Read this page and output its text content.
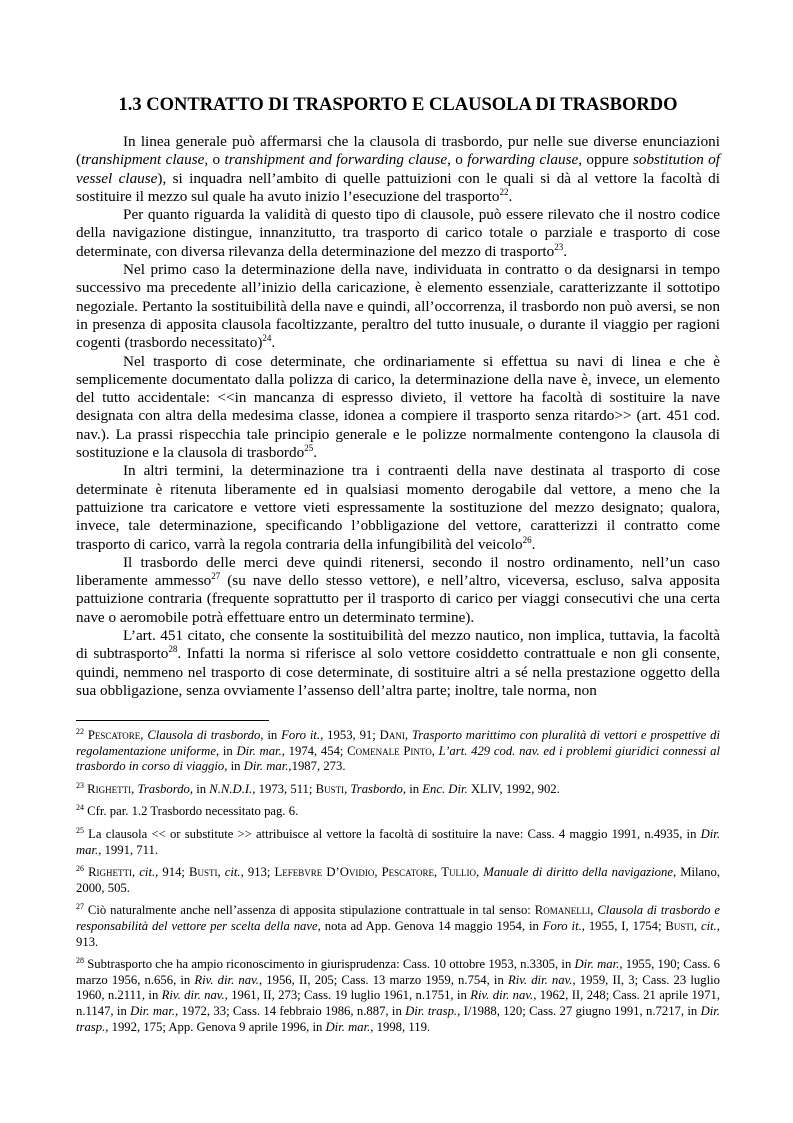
1.3 CONTRATTO DI TRASPORTO E CLAUSOLA DI TRASBORDO

In linea generale può affermarsi che la clausola di trasbordo, pur nelle sue diverse enunciazioni (transhipment clause, o transhipment and forwarding clause, o forwarding clause, oppure sobstitution of vessel clause), si inquadra nell’ambito di quelle pattuizioni con le quali si dà al vettore la facoltà di sostituire il mezzo sul quale ha avuto inizio l’esecuzione del trasporto$^{22}$.

Per quanto riguarda la validità di questo tipo di clausole, può essere rilevato che il nostro codice della navigazione distingue, innanzitutto, tra trasporto di carico totale o parziale e trasporto di cose determinate, con diversa rilevanza della determinazione del mezzo di trasporto$^{23}$.

Nel primo caso la determinazione della nave, individuata in contratto o da designarsi in tempo successivo ma precedente all’inizio della caricazione, è elemento essenziale, caratterizzante il sottotipo negoziale. Pertanto la sostituibilità della nave e quindi, all’occorrenza, il trasbordo non può aversi, se non in presenza di apposita clausola facoltizzante, peraltro del tutto inusuale, o durante il viaggio per ragioni cogenti (trasbordo necessitato)$^{24}$.

Nel trasporto di cose determinate, che ordinariamente si effettua su navi di linea e che è semplicemente documentato dalla polizza di carico, la determinazione della nave è, invece, un elemento del tutto accidentale: <<in mancanza di espresso divieto, il vettore ha facoltà di sostituire la nave designata con altra della medesima classe, idonea a compiere il trasporto senza ritardo>> (art. 451 cod. nav.). La prassi rispecchia tale principio generale e le polizze normalmente contengono la clausola di sostituzione e la clausola di trasbordo$^{25}$.

In altri termini, la determinazione tra i contraenti della nave destinata al trasporto di cose determinate è ritenuta liberamente ed in qualsiasi momento derogabile dal vettore, a meno che la pattuizione tra caricatore e vettore vieti espressamente la sostituzione del mezzo designato; qualora, invece, tale determinazione, specificando l’obbligazione del vettore, caratterizzi il contratto come trasporto di carico, varrà la regola contraria della infungibilità del veicolo$^{26}$.

Il trasbordo delle merci deve quindi ritenersi, secondo il nostro ordinamento, nell’un caso liberamente ammesso$^{27}$ (su nave dello stesso vettore), e nell’altro, viceversa, escluso, salva apposita pattuizione contraria (frequente soprattutto per il trasporto di carico per viaggi consecutivi che una certa nave o aeromobile potrà effettuare entro un determinato termine).

L’art. 451 citato, che consente la sostituibilità del mezzo nautico, non implica, tuttavia, la facoltà di subtrasporto$^{28}$. Infatti la norma si riferisce al solo vettore cosiddetto contrattuale e non gli consente, quindi, nemmeno nel trasporto di cose determinate, di sostituire altri a sé nella prestazione oggetto della sua obbligazione, senza ovviamente l’assenso dell’altra parte; inoltre, tale norma, non

$^{22}$ Pescatore, Clausola di trasbordo, in Foro it., 1953, 91; Dani, Trasporto marittimo con pluralità di vettori e prospettive di regolamentazione uniforme, in Dir. mar., 1974, 454; Comenale Pinto, L’art. 429 cod. nav. ed i problemi giuridici connessi al trasbordo in corso di viaggio, in Dir. mar.,1987, 273.

$^{23}$ Righetti, Trasbordo, in N.N.D.I., 1973, 511; Busti, Trasbordo, in Enc. Dir. XLIV, 1992, 902.

$^{24}$ Cfr. par. 1.2 Trasbordo necessitato pag. 6.

$^{25}$ La clausola << or substitute >> attribuisce al vettore la facoltà di sostituire la nave: Cass. 4 maggio 1991, n.4935, in Dir. mar., 1991, 711.

$^{26}$ Righetti, cit., 914; Busti, cit., 913; Lefebvre D’Ovidio, Pescatore, Tullio, Manuale di diritto della navigazione, Milano, 2000, 505.

$^{27}$ Ciò naturalmente anche nell’assenza di apposita stipulazione contrattuale in tal senso: Romanelli, Clausola di trasbordo e responsabilità del vettore per scelta della nave, nota ad App. Genova 14 maggio 1954, in Foro it., 1955, I, 1754; Busti, cit., 913.

$^{28}$ Subtrasporto che ha ampio riconoscimento in giurisprudenza: Cass. 10 ottobre 1953, n.3305, in Dir. mar., 1955, 190; Cass. 6 marzo 1956, n.656, in Riv. dir. nav., 1956, II, 205; Cass. 13 marzo 1959, n.754, in Riv. dir. nav., 1959, II, 3; Cass. 23 luglio 1960, n.2111, in Riv. dir. nav., 1961, II, 273; Cass. 19 luglio 1961, n.1751, in Riv. dir. nav., 1962, II, 248; Cass. 21 aprile 1971, n.1147, in Dir. mar., 1972, 33; Cass. 14 febbraio 1986, n.887, in Dir. trasp., I/1988, 120; Cass. 27 giugno 1991, n.7217, in Dir. trasp., 1992, 175; App. Genova 9 aprile 1996, in Dir. mar., 1998, 119.
